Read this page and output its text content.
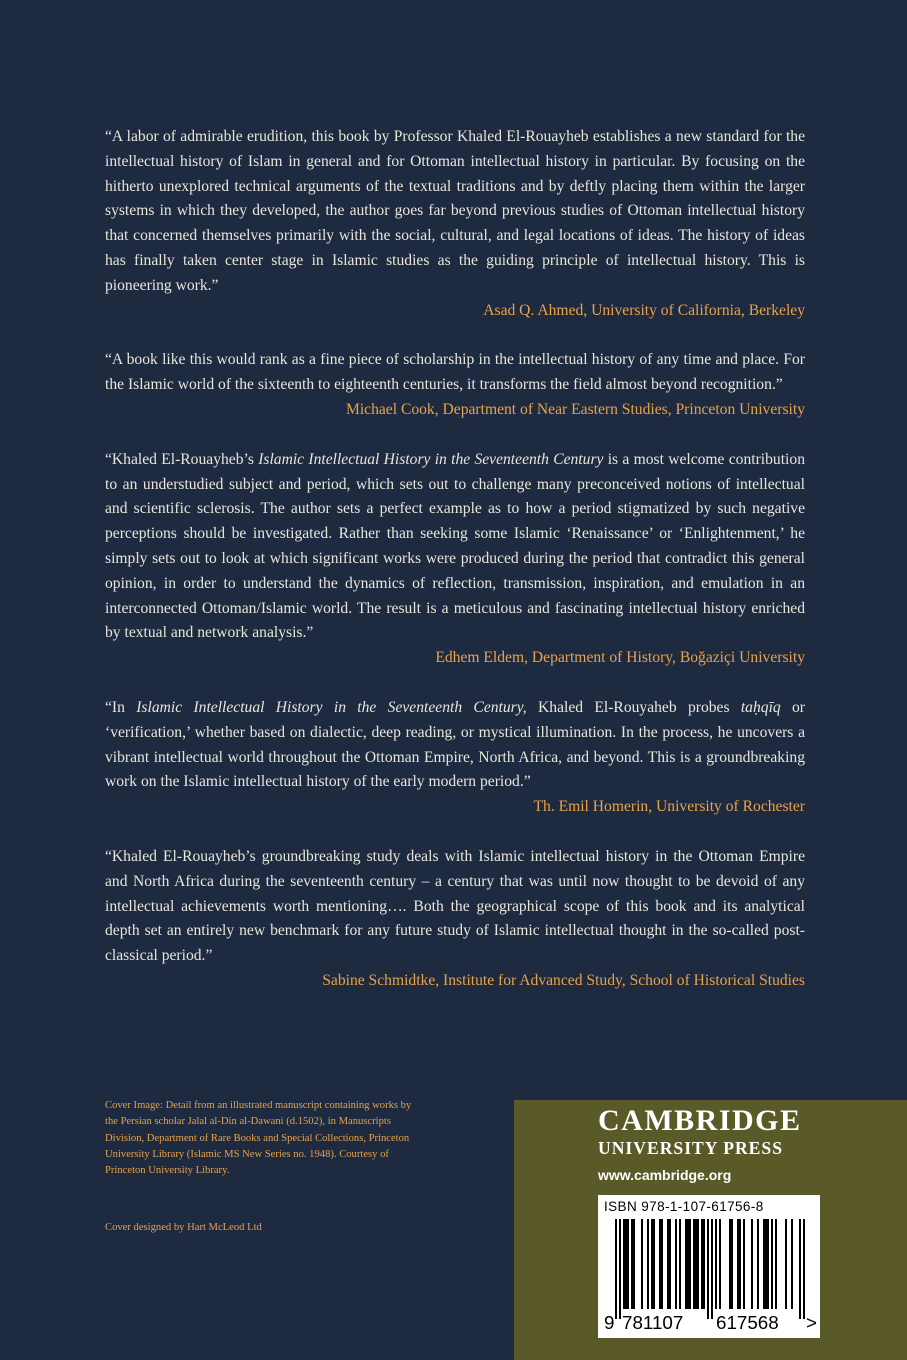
“A labor of admirable erudition, this book by Professor Khaled El-Rouayheb establishes a new standard for the intellectual history of Islam in general and for Ottoman intellectual history in particular. By focusing on the hitherto unexplored technical arguments of the textual traditions and by deftly placing them within the larger systems in which they developed, the author goes far beyond previous studies of Ottoman intellectual history that concerned themselves primarily with the social, cultural, and legal locations of ideas. The history of ideas has finally taken center stage in Islamic studies as the guiding principle of intellectual history. This is pioneering work.”

Asad Q. Ahmed, University of California, Berkeley

“A book like this would rank as a fine piece of scholarship in the intellectual history of any time and place. For the Islamic world of the sixteenth to eighteenth centuries, it transforms the field almost beyond recognition.”
Michael Cook, Department of Near Eastern Studies, Princeton University

“Khaled El-Rouayheb’s Islamic Intellectual History in the Seventeenth Century is a most welcome contribution to an understudied subject and period, which sets out to challenge many preconceived notions of intellectual and scientific sclerosis. The author sets a perfect example as to how a period stigmatized by such negative perceptions should be investigated. Rather than seeking some Islamic ‘Renaissance’ or ‘Enlightenment,’ he simply sets out to look at which significant works were produced during the period that contradict this general opinion, in order to understand the dynamics of reflection, transmission, inspiration, and emulation in an interconnected Ottoman/Islamic world. The result is a meticulous and fascinating intellectual history enriched by textual and network analysis.”

Edhem Eldem, Department of History, Boğaziçi University

“In Islamic Intellectual History in the Seventeenth Century, Khaled El-Rouyaheb probes taḥqīq or ‘verification,’ whether based on dialectic, deep reading, or mystical illumination. In the process, he uncovers a vibrant intellectual world throughout the Ottoman Empire, North Africa, and beyond. This is a groundbreaking work on the Islamic intellectual history of the early modern period.”

Th. Emil Homerin, University of Rochester

“Khaled El-Rouayheb’s groundbreaking study deals with Islamic intellectual history in the Ottoman Empire and North Africa during the seventeenth century – a century that was until now thought to be devoid of any intellectual achievements worth mentioning…. Both the geographical scope of this book and its analytical depth set an entirely new benchmark for any future study of Islamic intellectual thought in the so-called post-classical period.”

Sabine Schmidtke, Institute for Advanced Study, School of Historical Studies
Cover Image: Detail from an illustrated manuscript containing works by the Persian scholar Jalal al-Din al-Dawani (d.1502), in Manuscripts Division, Department of Rare Books and Special Collections, Princeton University Library (Islamic MS New Series no. 1948). Courtesy of Princeton University Library.
Cover designed by Hart McLeod Ltd
CAMBRIDGE
UNIVERSITY PRESS
www.cambridge.org
ISBN 978-1-107-61756-8
9 781107 617568 >
